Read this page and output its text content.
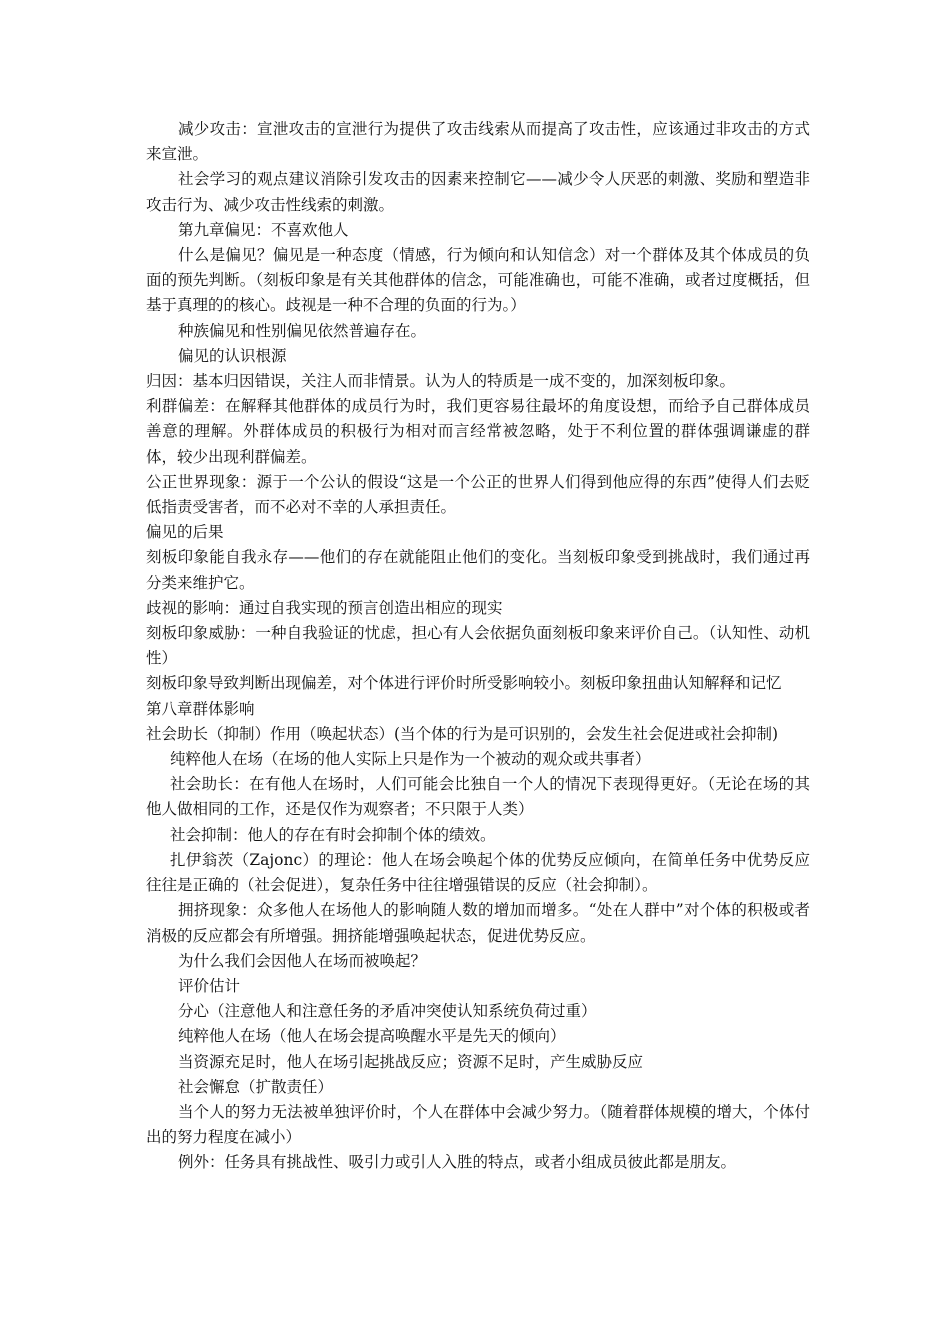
减少攻击：宣泄攻击的宣泄行为提供了攻击线索从而提高了攻击性，应该通过非攻击的方式来宣泄。

社会学习的观点建议消除引发攻击的因素来控制它——减少令人厌恶的刺激、奖励和塑造非攻击行为、减少攻击性线索的刺激。

第九章偏见：不喜欢他人

什么是偏见？偏见是一种态度（情感，行为倾向和认知信念）对一个群体及其个体成员的负面的预先判断。（刻板印象是有关其他群体的信念，可能准确也，可能不准确，或者过度概括，但基于真理的的核心。歧视是一种不合理的负面的行为。）

种族偏见和性别偏见依然普遍存在。

偏见的认识根源

归因：基本归因错误，关注人而非情景。认为人的特质是一成不变的，加深刻板印象。

利群偏差：在解释其他群体的成员行为时，我们更容易往最坏的角度设想，而给予自己群体成员善意的理解。外群体成员的积极行为相对而言经常被忽略，处于不利位置的群体强调谦虚的群体，较少出现利群偏差。

公正世界现象：源于一个公认的假设“这是一个公正的世界人们得到他应得的东西”使得人们去贬低指责受害者，而不必对不幸的人承担责任。

偏见的后果

刻板印象能自我永存——他们的存在就能阻止他们的变化。当刻板印象受到挑战时，我们通过再分类来维护它。

歧视的影响：通过自我实现的预言创造出相应的现实

刻板印象威胁：一种自我验证的忧虑，担心有人会依据负面刻板印象来评价自己。（认知性、动机性）

刻板印象导致判断出现偏差，对个体进行评价时所受影响较小。刻板印象扭曲认知解释和记忆

第八章群体影响

社会助长（抑制）作用（唤起状态）(当个体的行为是可识别的，会发生社会促进或社会抑制)

纯粹他人在场（在场的他人实际上只是作为一个被动的观众或共事者）

社会助长：在有他人在场时，人们可能会比独自一个人的情况下表现得更好。（无论在场的其他人做相同的工作，还是仅作为观察者；不只限于人类）

社会抑制：他人的存在有时会抑制个体的绩效。

扎伊翁茨（Zajonc）的理论：他人在场会唤起个体的优势反应倾向，在简单任务中优势反应往往是正确的（社会促进），复杂任务中往往增强错误的反应（社会抑制）。

拥挤现象：众多他人在场他人的影响随人数的增加而增多。“处在人群中”对个体的积极或者消极的反应都会有所增强。拥挤能增强唤起状态，促进优势反应。

为什么我们会因他人在场而被唤起？

评价估计

分心（注意他人和注意任务的矛盾冲突使认知系统负荷过重）

纯粹他人在场（他人在场会提高唤醒水平是先天的倾向）

当资源充足时，他人在场引起挑战反应；资源不足时，产生威胁反应

社会懈怠（扩散责任）

当个人的努力无法被单独评价时，个人在群体中会减少努力。（随着群体规模的增大，个体付出的努力程度在减小）

例外：任务具有挑战性、吸引力或引人入胜的特点，或者小组成员彼此都是朋友。
